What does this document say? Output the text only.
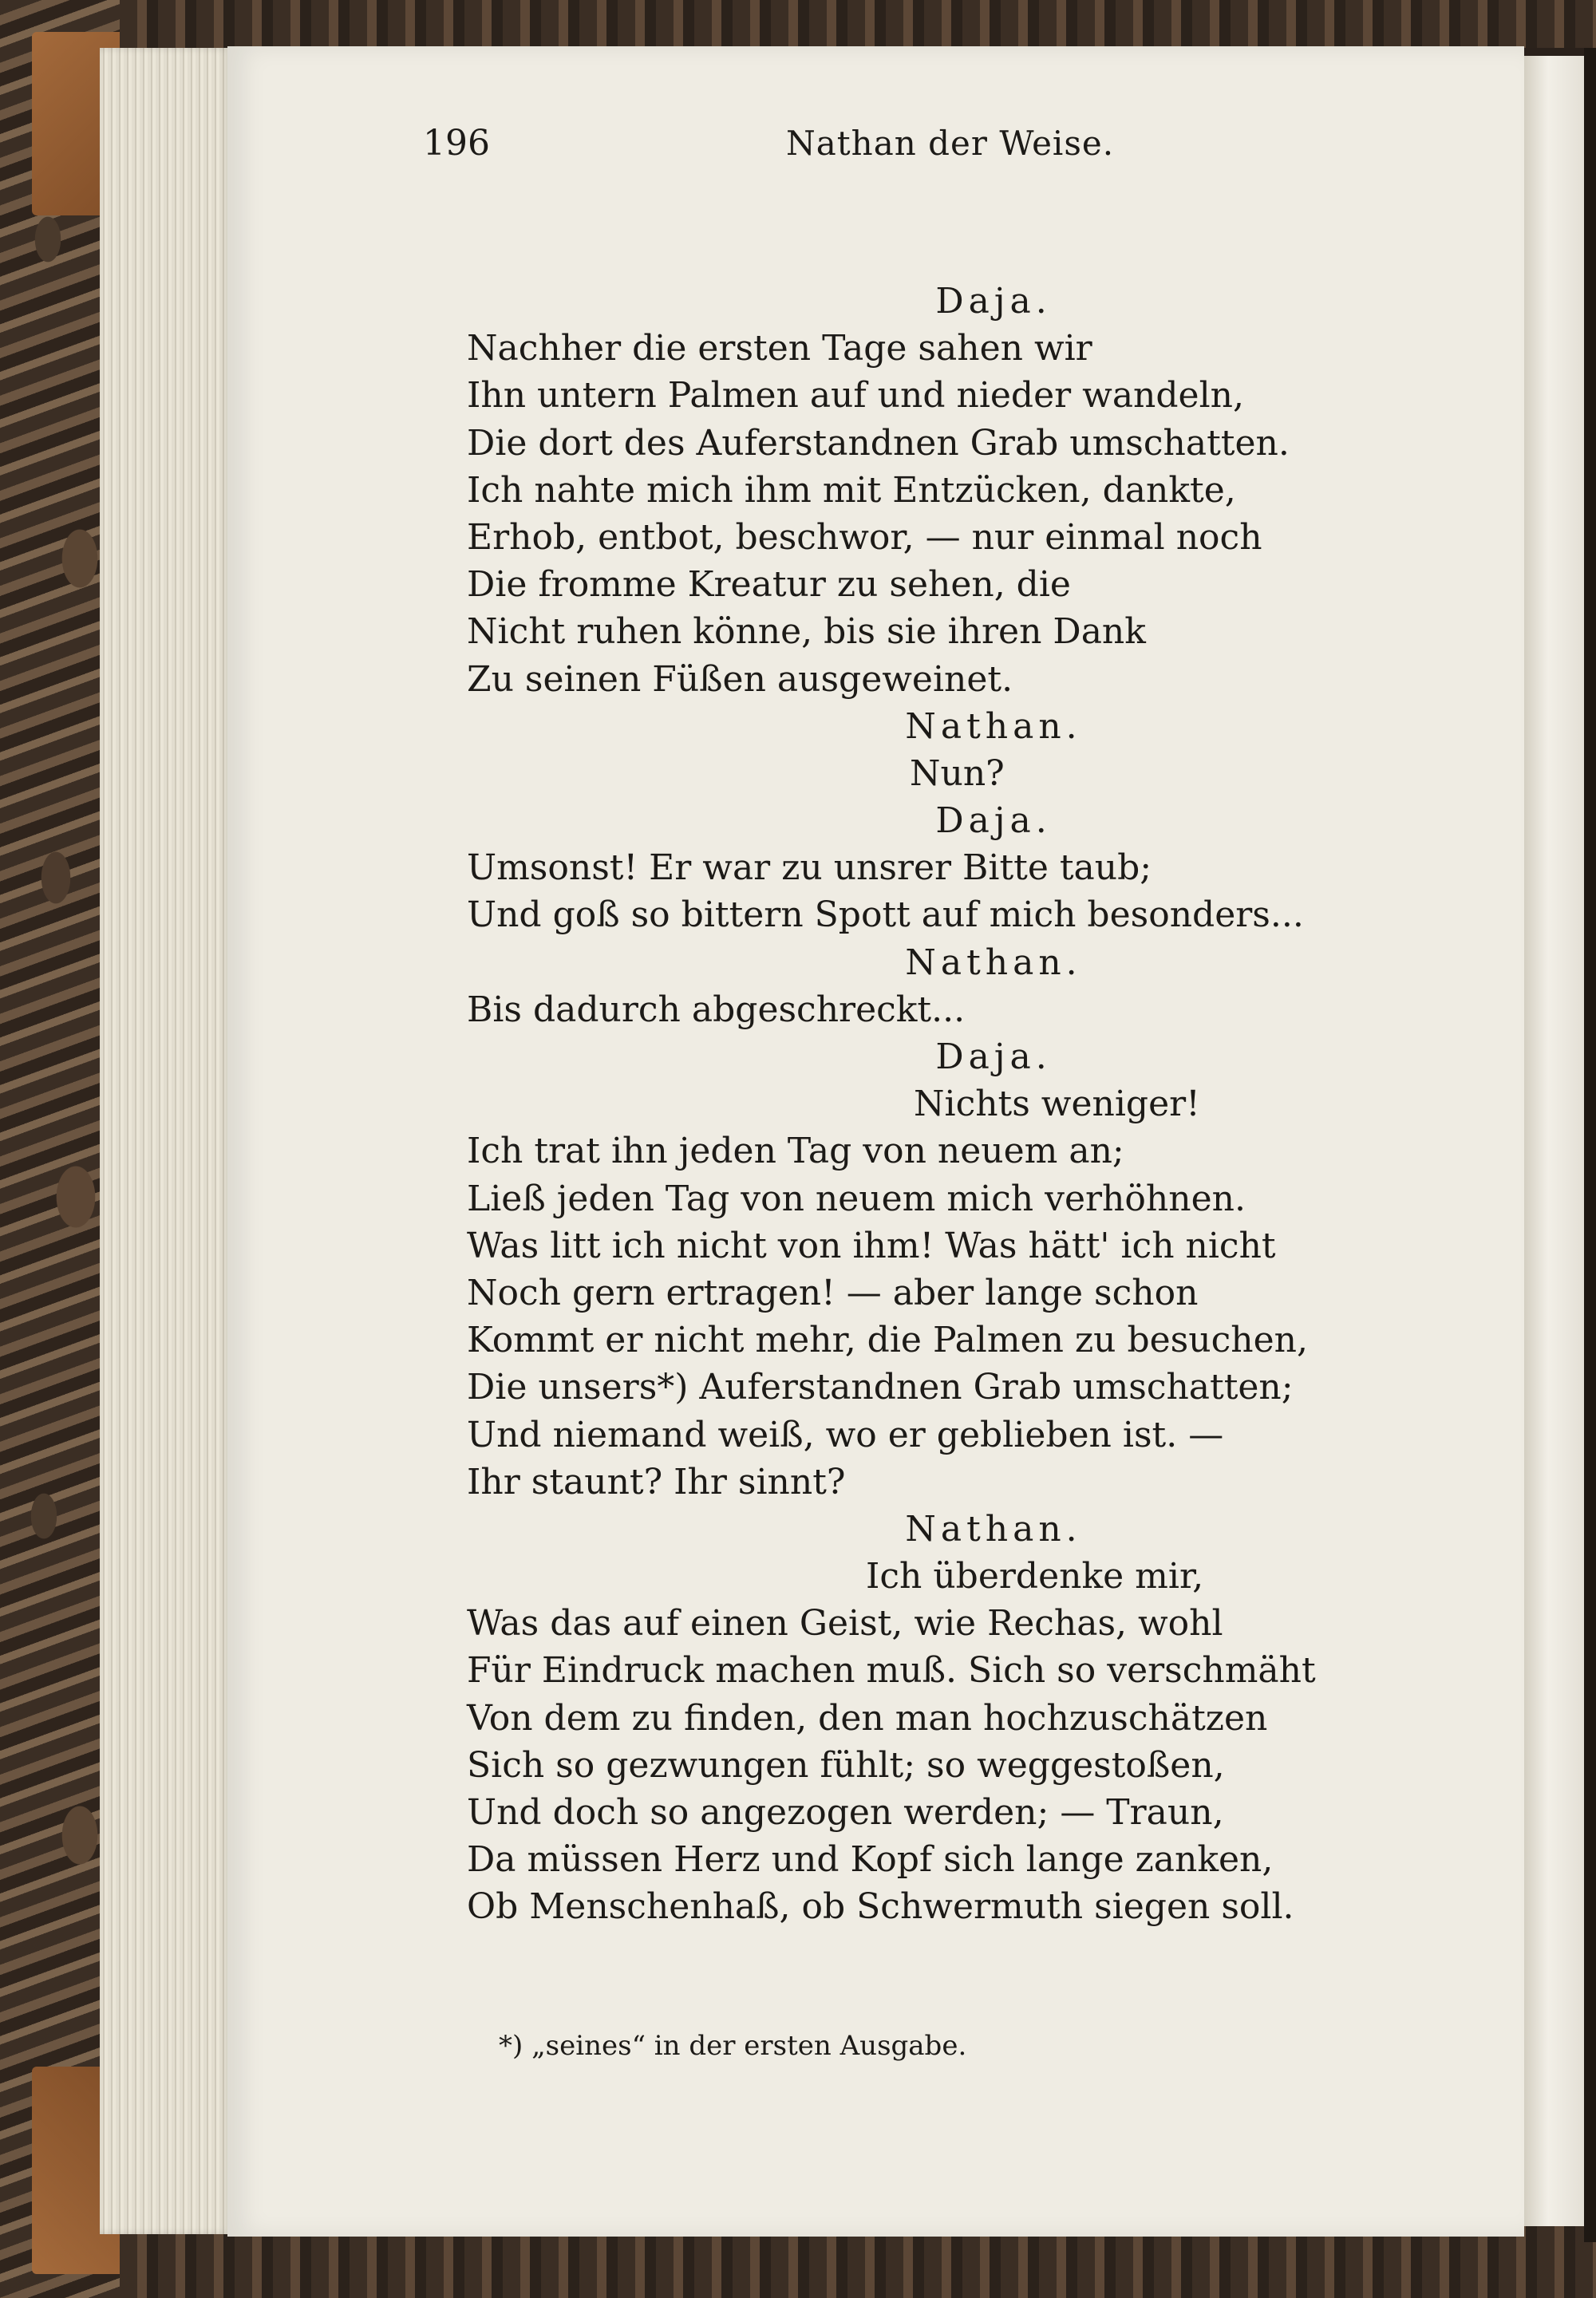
196	Nathan der Weise.
Daja.
Nachher die ersten Tage sahen wir
Ihn untern Palmen auf und nieder wandeln,
Die dort des Auferstandnen Grab umschatten.
Ich nahte mich ihm mit Entzücken, dankte,
Erhob, entbot, beschwor, — nur einmal noch
Die fromme Kreatur zu sehen, die
Nicht ruhen könne, bis sie ihren Dank
Zu seinen Füßen ausgeweinet.
Nathan.
Nun?
Daja.
Umsonst! Er war zu unsrer Bitte taub;
Und goß so bittern Spott auf mich besonders...
Nathan.
Bis dadurch abgeschreckt...
Daja.
Nichts weniger!
Ich trat ihn jeden Tag von neuem an;
Ließ jeden Tag von neuem mich verhöhnen.
Was litt ich nicht von ihm! Was hätt' ich nicht
Noch gern ertragen! — aber lange schon
Kommt er nicht mehr, die Palmen zu besuchen,
Die unsers*) Auferstandnen Grab umschatten;
Und niemand weiß, wo er geblieben ist. —
Ihr staunt? Ihr sinnt?
Nathan.
Ich überdenke mir,
Was das auf einen Geist, wie Rechas, wohl
Für Eindruck machen muß. Sich so verschmäht
Von dem zu finden, den man hochzuschätzen
Sich so gezwungen fühlt; so weggestoßen,
Und doch so angezogen werden; — Traun,
Da müssen Herz und Kopf sich lange zanken,
Ob Menschenhaß, ob Schwermuth siegen soll.
*) „seines“ in der ersten Ausgabe.
